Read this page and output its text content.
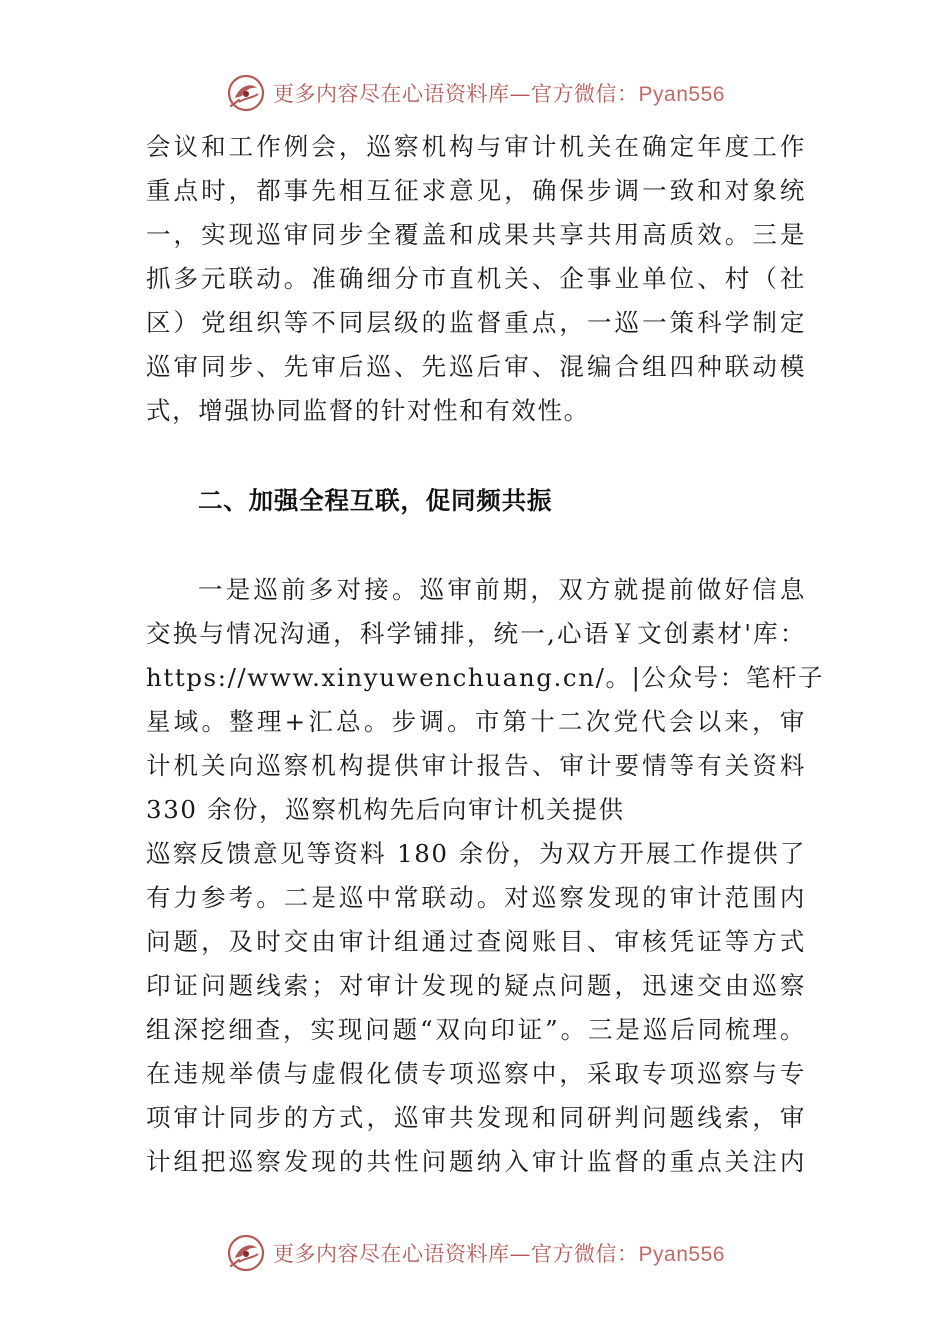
更多内容尽在心语资料库—官方微信：Pyan556
会议和工作例会，巡察机构与审计机关在确定年度工作
重点时，都事先相互征求意见，确保步调一致和对象统
一，实现巡审同步全覆盖和成果共享共用高质效。三是
抓多元联动。准确细分市直机关、企事业单位、村（社
区）党组织等不同层级的监督重点，一巡一策科学制定
巡审同步、先审后巡、先巡后审、混编合组四种联动模
式，增强协同监督的针对性和有效性。
二、加强全程互联，促同频共振
一是巡前多对接。巡审前期，双方就提前做好信息
交换与情况沟通，科学铺排，统一,心语￥文创素材'库：
https://www.xinyuwenchuang.cn/。|公众号：笔杆子
星域。整理+汇总。步调。市第十二次党代会以来，审
计机关向巡察机构提供审计报告、审计要情等有关资料
330 余份，巡察机构先后向审计机关提供
巡察反馈意见等资料 180 余份，为双方开展工作提供了
有力参考。二是巡中常联动。对巡察发现的审计范围内
问题，及时交由审计组通过查阅账目、审核凭证等方式
印证问题线索；对审计发现的疑点问题，迅速交由巡察
组深挖细查，实现问题“双向印证”。三是巡后同梳理。
在违规举债与虚假化债专项巡察中，采取专项巡察与专
项审计同步的方式，巡审共发现和同研判问题线索，审
计组把巡察发现的共性问题纳入审计监督的重点关注内
更多内容尽在心语资料库—官方微信：Pyan556
